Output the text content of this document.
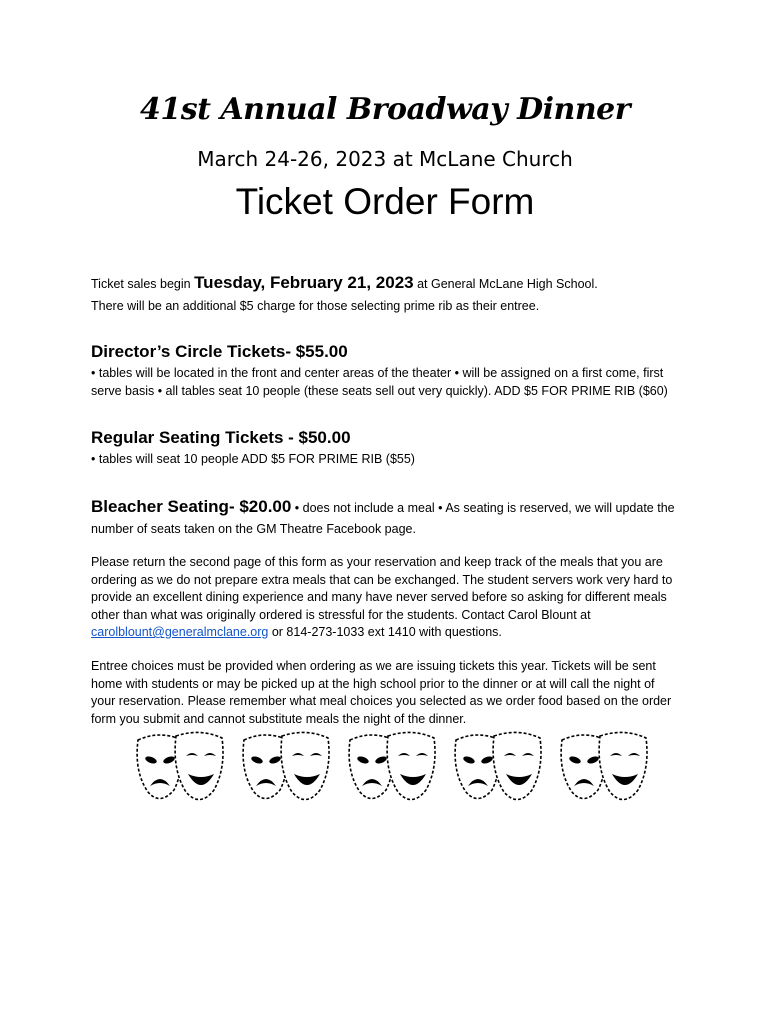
41st Annual Broadway Dinner
March 24-26, 2023 at McLane Church
Ticket Order Form
Ticket sales begin Tuesday, February 21, 2023 at General McLane High School.
There will be an additional $5 charge for those selecting prime rib as their entree.
Director’s Circle Tickets- $55.00
• tables will be located in the front and center areas of the theater • will be assigned on a first come, first serve basis • all tables seat 10 people (these seats sell out very quickly). ADD $5 FOR PRIME RIB ($60)
Regular Seating Tickets - $50.00
• tables will seat 10 people ADD $5 FOR PRIME RIB ($55)
Bleacher Seating- $20.00 • does not include a meal • As seating is reserved, we will update the number of seats taken on the GM Theatre Facebook page.
Please return the second page of this form as your reservation and keep track of the meals that you are ordering as we do not prepare extra meals that can be exchanged. The student servers work very hard to provide an excellent dining experience and many have never served before so asking for different meals other than what was originally ordered is stressful for the students. Contact Carol Blount at carolblount@generalmclane.org or 814-273-1033 ext 1410 with questions.
Entree choices must be provided when ordering as we are issuing tickets this year. Tickets will be sent home with students or may be picked up at the high school prior to the dinner or at will call the night of your reservation. Please remember what meal choices you selected as we order food based on the order form you submit and cannot substitute meals the night of the dinner.
